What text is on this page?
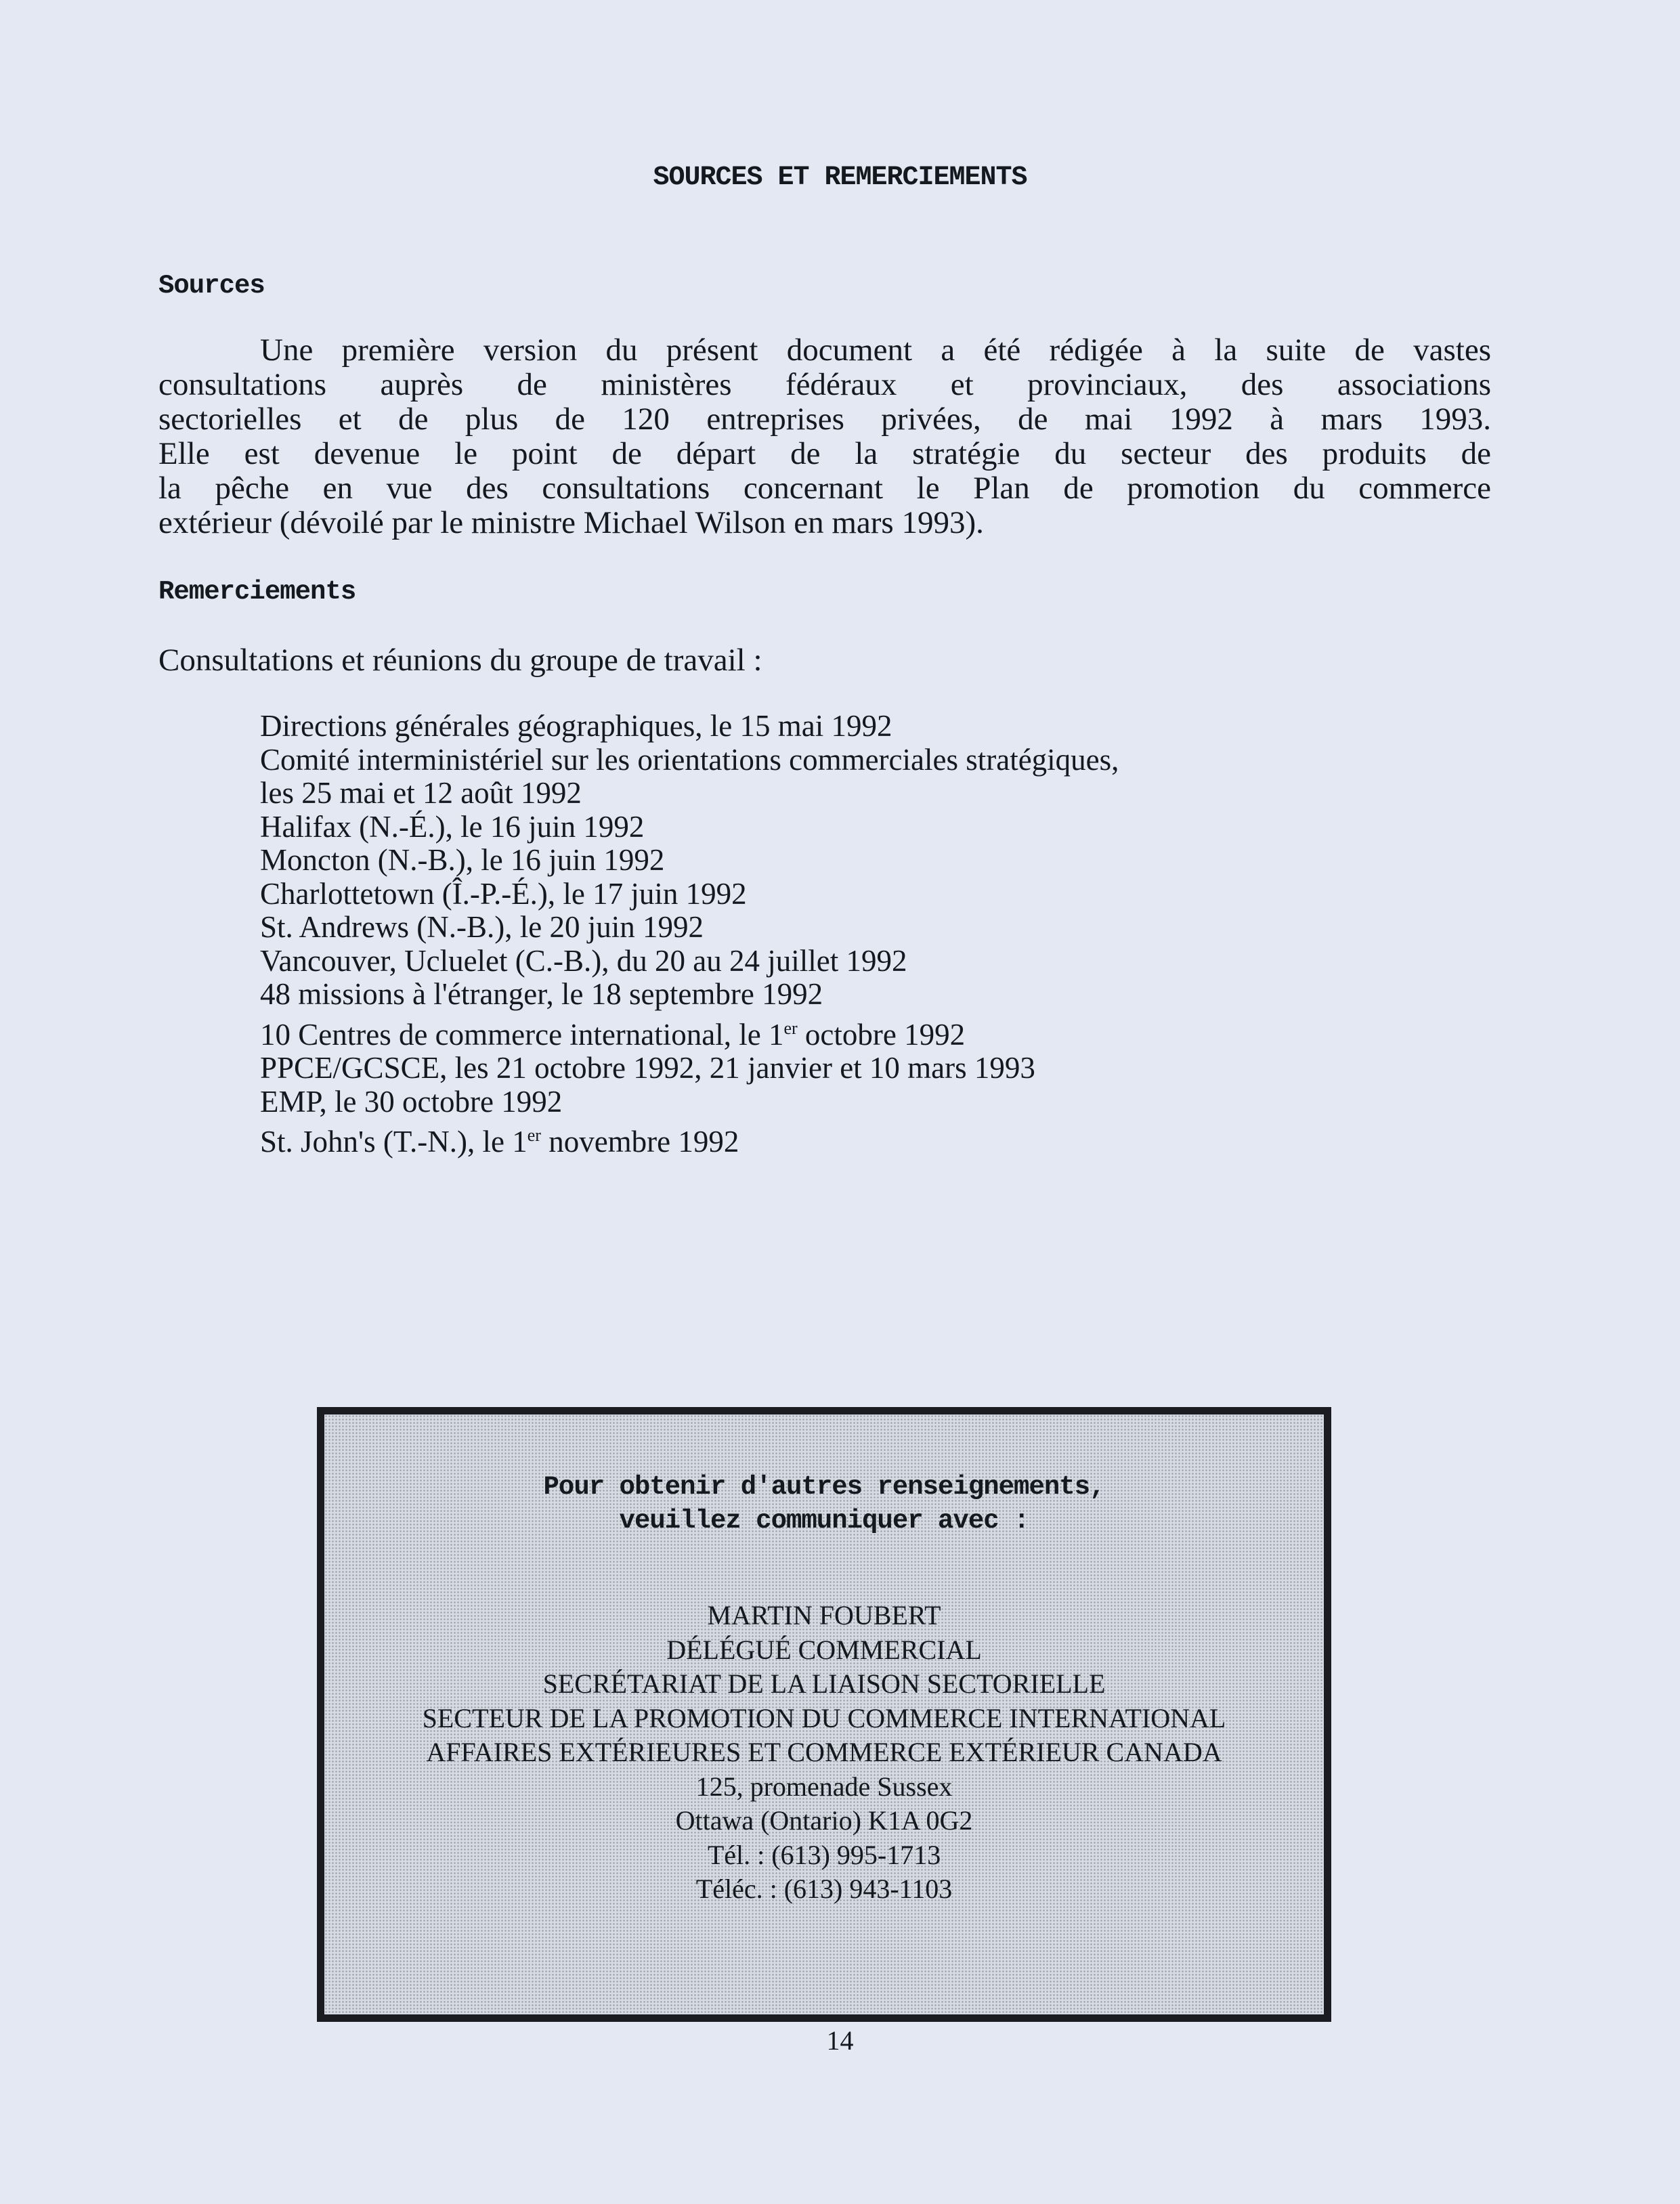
SOURCES ET REMERCIEMENTS
Sources
Une première version du présent document a été rédigée à la suite de vastes
consultations auprès de ministères fédéraux et provinciaux, des associations
sectorielles et de plus de 120 entreprises privées, de mai 1992 à mars 1993.
Elle est devenue le point de départ de la stratégie du secteur des produits de
la pêche en vue des consultations concernant le Plan de promotion du commerce
extérieur (dévoilé par le ministre Michael Wilson en mars 1993).
Remerciements
Consultations et réunions du groupe de travail :
Directions générales géographiques, le 15 mai 1992
Comité interministériel sur les orientations commerciales stratégiques,
les 25 mai et 12 août 1992
Halifax (N.-É.), le 16 juin 1992
Moncton (N.-B.), le 16 juin 1992
Charlottetown (Î.-P.-É.), le 17 juin 1992
St. Andrews (N.-B.), le 20 juin 1992
Vancouver, Ucluelet (C.-B.), du 20 au 24 juillet 1992
48 missions à l'étranger, le 18 septembre 1992
10 Centres de commerce international, le 1er octobre 1992
PPCE/GCSCE, les 21 octobre 1992, 21 janvier et 10 mars 1993
EMP, le 30 octobre 1992
St. John's (T.-N.), le 1er novembre 1992

Pour obtenir d'autres renseignements,
veuillez communiquer avec :

MARTIN FOUBERT
DÉLÉGUÉ COMMERCIAL
SECRÉTARIAT DE LA LIAISON SECTORIELLE
SECTEUR DE LA PROMOTION DU COMMERCE INTERNATIONAL
AFFAIRES EXTÉRIEURES ET COMMERCE EXTÉRIEUR CANADA
125, promenade Sussex
Ottawa (Ontario) K1A 0G2
Tél. : (613) 995-1713
Téléc. : (613) 943-1103
14
